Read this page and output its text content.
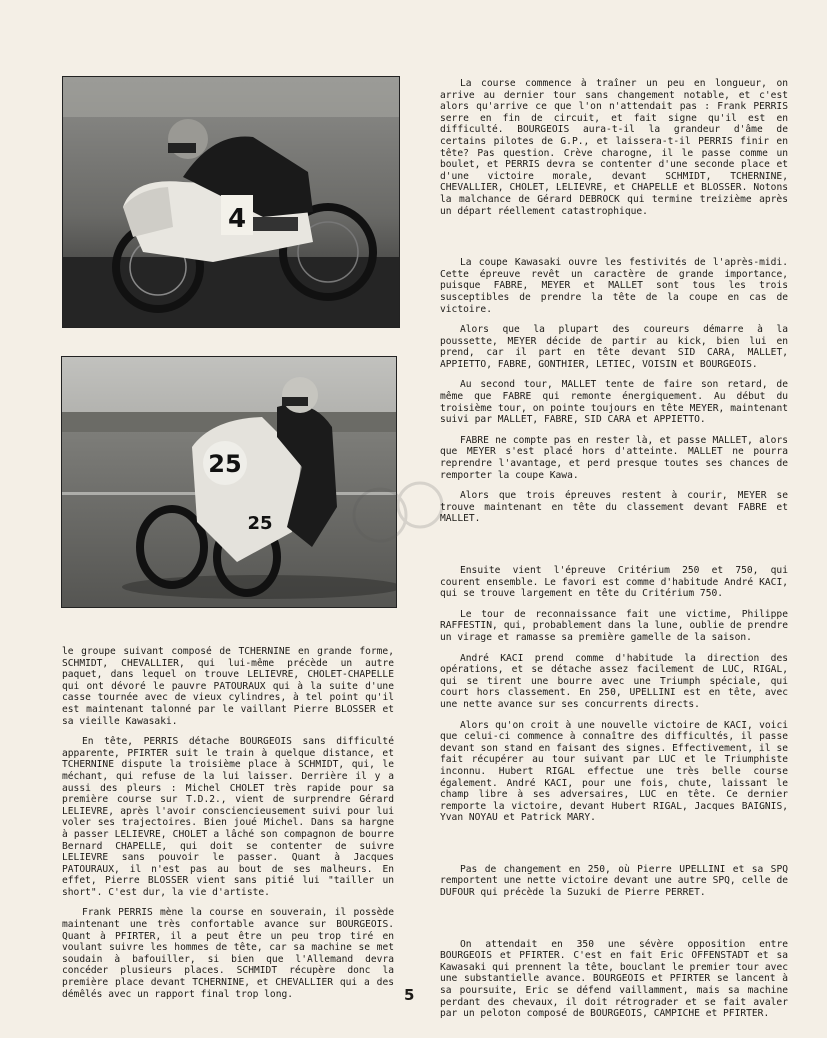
4
25
25

le groupe suivant composé de TCHERNINE en grande forme, SCHMIDT, CHEVALLIER, qui lui-même précède un autre paquet, dans lequel on trouve LELIEVRE, CHOLET-CHAPELLE qui ont dévoré le pauvre PATOURAUX qui à la suite d'une casse tournée avec de vieux cylindres, à tel point qu'il est maintenant talonné par le vaillant Pierre BLOSSER et sa vieille Kawasaki.

En tête, PERRIS détache BOURGEOIS sans difficulté apparente, PFIRTER suit le train à quelque distance, et TCHERNINE dispute la troisième place à SCHMIDT, qui, le méchant, qui refuse de la lui laisser. Derrière il y a aussi des pleurs : Michel CHOLET très rapide pour sa première course sur T.D.2., vient de surprendre Gérard LELIEVRE, après l'avoir consciencieusement suivi pour lui voler ses trajectoires. Bien joué Michel. Dans sa hargne à passer LELIEVRE, CHOLET a lâché son compagnon de bourre Bernard CHAPELLE, qui doit se contenter de suivre LELIEVRE sans pouvoir le passer. Quant à Jacques PATOURAUX, il n'est pas au bout de ses malheurs. En effet, Pierre BLOSSER vient sans pitié lui "tailler un short". C'est dur, la vie d'artiste.

Frank PERRIS mène la course en souverain, il possède maintenant une très confortable avance sur BOURGEOIS. Quant à PFIRTER, il a peut être un peu trop tiré en voulant suivre les hommes de tête, car sa machine se met soudain à bafouiller, si bien que l'Allemand devra concéder plusieurs places. SCHMIDT récupère donc la première place devant TCHERNINE, et CHEVALLIER qui a des démêlés avec un rapport final trop long.

La course commence à traîner un peu en longueur, on arrive au dernier tour sans changement notable, et c'est alors qu'arrive ce que l'on n'attendait pas : Frank PERRIS serre en fin de circuit, et fait signe qu'il est en difficulté. BOURGEOIS aura-t-il la grandeur d'âme de certains pilotes de G.P., et laissera-t-il PERRIS finir en tête? Pas question. Crève charogne, il le passe comme un boulet, et PERRIS devra se contenter d'une seconde place et d'une victoire morale, devant SCHMIDT, TCHERNINE, CHEVALLIER, CHOLET, LELIEVRE, et CHAPELLE et BLOSSER. Notons la malchance de Gérard DEBROCK qui termine treizième après un départ réellement catastrophique.

La coupe Kawasaki ouvre les festivités de l'après-midi. Cette épreuve revêt un caractère de grande importance, puisque FABRE, MEYER et MALLET sont tous les trois susceptibles de prendre la tête de la coupe en cas de victoire.

Alors que la plupart des coureurs démarre à la poussette, MEYER décide de partir au kick, bien lui en prend, car il part en tête devant SID CARA, MALLET, APPIETTO, FABRE, GONTHIER, LETIEC, VOISIN et BOURGEOIS.

Au second tour, MALLET tente de faire son retard, de même que FABRE qui remonte énergiquement. Au début du troisième tour, on pointe toujours en tête MEYER, maintenant suivi par MALLET, FABRE, SID CARA et APPIETTO.

FABRE ne compte pas en rester là, et passe MALLET, alors que MEYER s'est placé hors d'atteinte. MALLET ne pourra reprendre l'avantage, et perd presque toutes ses chances de remporter la coupe Kawa.

Alors que trois épreuves restent à courir, MEYER se trouve maintenant en tête du classement devant FABRE et MALLET.

Ensuite vient l'épreuve Critérium 250 et 750, qui courent ensemble. Le favori est comme d'habitude André KACI, qui se trouve largement en tête du Critérium 750.

Le tour de reconnaissance fait une victime, Philippe RAFFESTIN, qui, probablement dans la lune, oublie de prendre un virage et ramasse sa première gamelle de la saison.

André KACI prend comme d'habitude la direction des opérations, et se détache assez facilement de LUC, RIGAL, qui se tirent une bourre avec une Triumph spéciale, qui court hors classement. En 250, UPELLINI est en tête, avec une nette avance sur ses concurrents directs.

Alors qu'on croit à une nouvelle victoire de KACI, voici que celui-ci commence à connaître des difficultés, il passe devant son stand en faisant des signes. Effectivement, il se fait récupérer au tour suivant par LUC et le Triumphiste inconnu. Hubert RIGAL effectue une très belle course également. André KACI, pour une fois, chute, laissant le champ libre à ses adversaires, LUC en tête. Ce dernier remporte la victoire, devant Hubert RIGAL, Jacques BAIGNIS, Yvan NOYAU et Patrick MARY.

Pas de changement en 250, où Pierre UPELLINI et sa SPQ remportent une nette victoire devant une autre SPQ, celle de DUFOUR qui précède la Suzuki de Pierre PERRET.

On attendait en 350 une sévère opposition entre BOURGEOIS et PFIRTER. C'est en fait Eric OFFENSTADT et sa Kawasaki qui prennent la tête, bouclant le premier tour avec une substantielle avance. BOURGEOIS et PFIRTER se lancent à sa poursuite, Eric se défend vaillamment, mais sa machine perdant des chevaux, il doit rétrograder et se fait avaler par un peloton composé de BOURGEOIS, CAMPICHE et PFIRTER.

5
